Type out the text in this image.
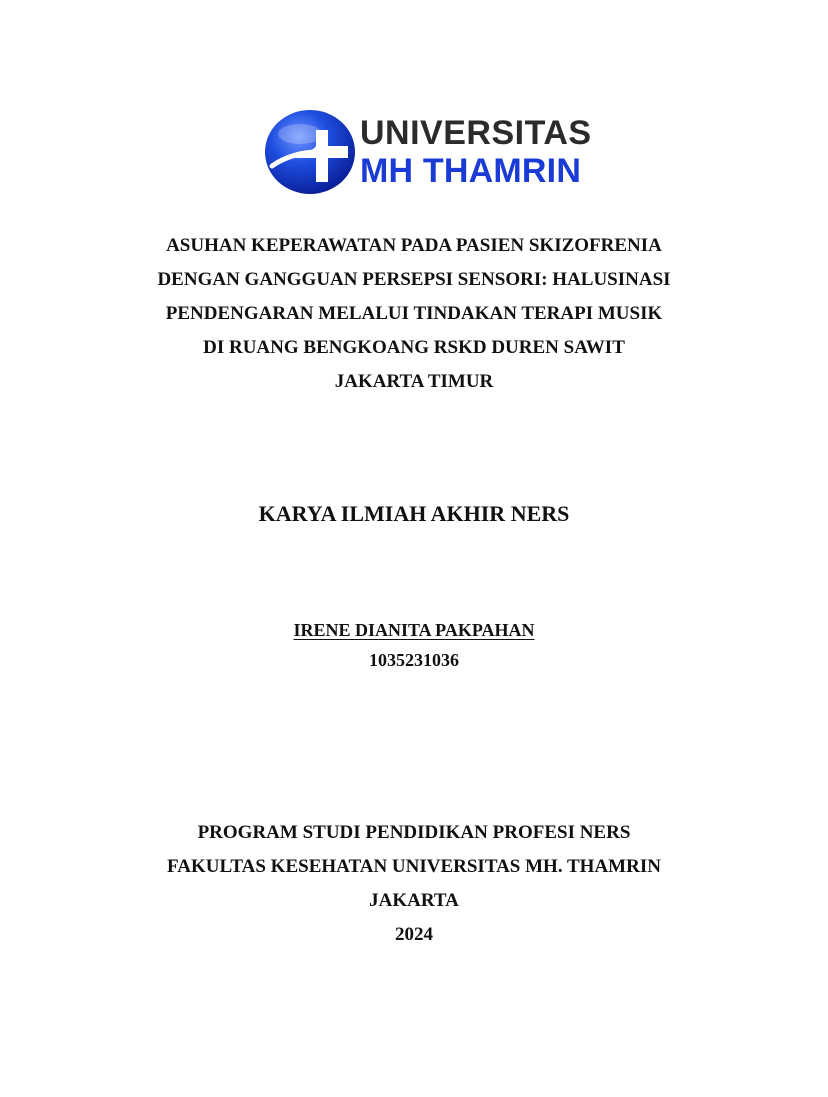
UNIVERSITAS
MH THAMRIN
ASUHAN KEPERAWATAN PADA PASIEN SKIZOFRENIA
DENGAN GANGGUAN PERSEPSI SENSORI: HALUSINASI
PENDENGARAN MELALUI TINDAKAN TERAPI MUSIK
DI RUANG BENGKOANG RSKD DUREN SAWIT
JAKARTA TIMUR
KARYA ILMIAH AKHIR NERS
IRENE DIANITA PAKPAHAN
1035231036
PROGRAM STUDI PENDIDIKAN PROFESI NERS
FAKULTAS KESEHATAN UNIVERSITAS MH. THAMRIN
JAKARTA
2024
